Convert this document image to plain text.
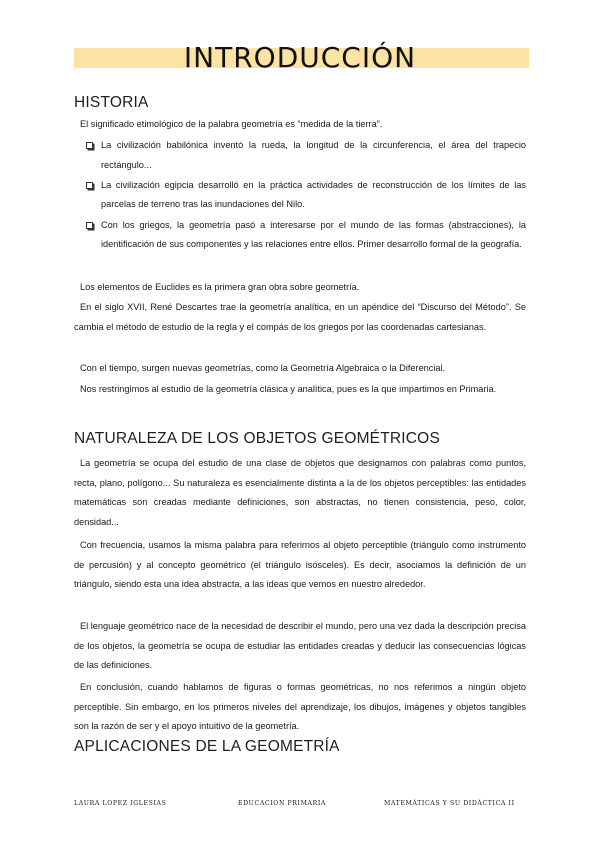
INTRODUCCIÓN
HISTORIA

El significado etimológico de la palabra geometría es “medida de la tierra”.

La civilización babilónica inventó la rueda, la longitud de la circunferencia, el área del trapecio rectángulo...
La civilización egipcia desarrolló en la práctica actividades de reconstrucción de los límites de las parcelas de terreno tras las inundaciones del Nilo.
Con los griegos, la geometría pasó a interesarse por el mundo de las formas (abstracciones), la identificación de sus componentes y las relaciones entre ellos. Primer desarrollo formal de la geografía.

Los elementos de Euclides es la primera gran obra sobre geometría.

En el siglo XVII, René Descartes trae la geometría analítica, en un apéndice del “Discurso del Método”. Se cambia el método de estudio de la regla y el compás de los griegos por las coordenadas cartesianas.

Con el tiempo, surgen nuevas geometrías, como la Geometría Algebraica o la Diferencial.

Nos restringimos al estudio de la geometría clásica y analítica, pues es la que impartimos en Primaria.

NATURALEZA DE LOS OBJETOS GEOMÉTRICOS

La geometría se ocupa del estudio de una clase de objetos que designamos con palabras como puntos, recta, plano, polígono... Su naturaleza es esencialmente distinta a la de los objetos perceptibles: las entidades matemáticas son creadas mediante definiciones, son abstractas, no tienen consistencia, peso, color, densidad...

Con frecuencia, usamos la misma palabra para referirnos al objeto perceptible (triángulo como instrumento de percusión) y al concepto geométrico (el triángulo isósceles). Es decir, asociamos la definición de un triángulo, siendo esta una idea abstracta, a las ideas que vemos en nuestro alrededor.

El lenguaje geométrico nace de la necesidad de describir el mundo, pero una vez dada la descripción precisa de los objetos, la geometría se ocupa de estudiar las entidades creadas y deducir las consecuencias lógicas de las definiciones.

En conclusión, cuando hablamos de figuras o formas geométricas, no nos referimos a ningún objeto perceptible. Sin embargo, en los primeros niveles del aprendizaje, los dibujos, imágenes y objetos tangibles son la razón de ser y el apoyo intuitivo de la geometría.

APLICACIONES DE LA GEOMETRÍA
LAURA LOPEZ IGLESIAS	EDUCACION PRIMARIA	MATEMÁTICAS Y SU DIDÁCTICA II
